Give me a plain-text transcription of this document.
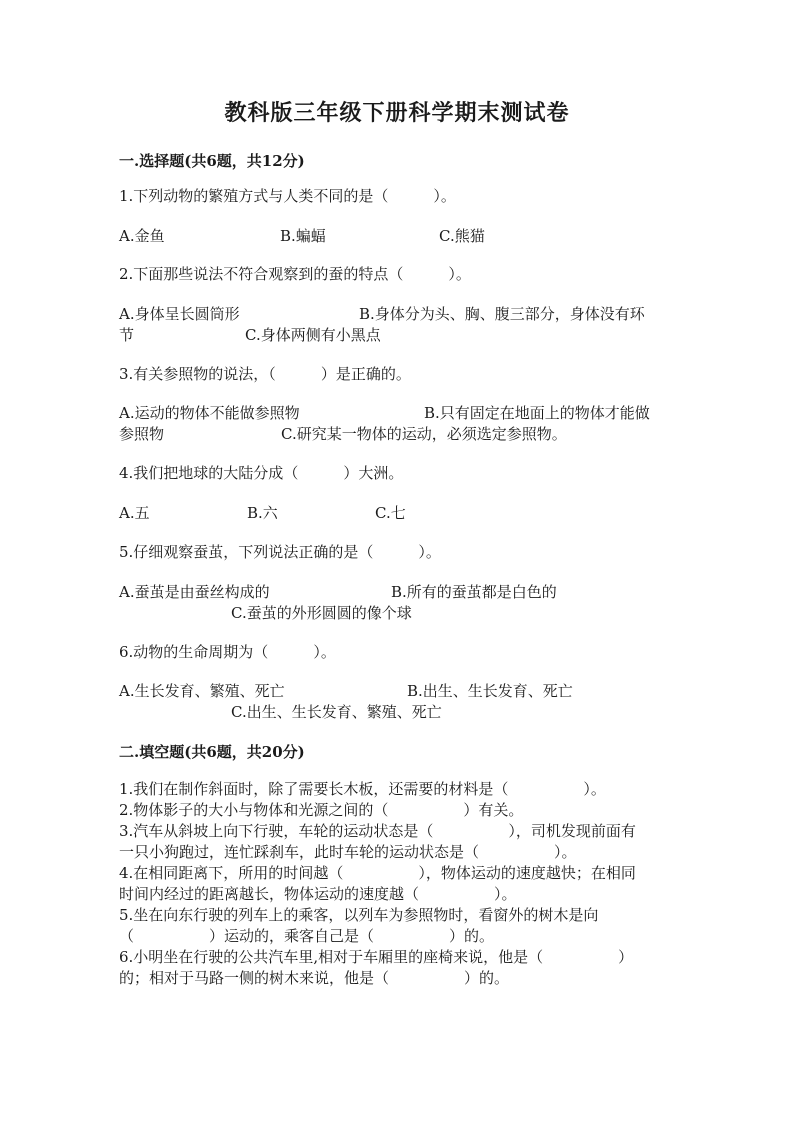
教科版三年级下册科学期末测试卷
一.选择题(共6题，共12分)
1.下列动物的繁殖方式与人类不同的是（　　　）。
A.金鱼	B.蝙蝠	C.熊猫
2.下面那些说法不符合观察到的蚕的特点（　　　）。
A.身体呈长圆筒形	B.身体分为头、胸、腹三部分，身体没有环
节	C.身体两侧有小黑点
3.有关参照物的说法，（　　　）是正确的。
A.运动的物体不能做参照物	B.只有固定在地面上的物体才能做
参照物	C.研究某一物体的运动，必须选定参照物。
4.我们把地球的大陆分成（　　　）大洲。
A.五	B.六	C.七
5.仔细观察蚕茧，下列说法正确的是（　　　）。
A.蚕茧是由蚕丝构成的	B.所有的蚕茧都是白色的
C.蚕茧的外形圆圆的像个球
6.动物的生命周期为（　　　）。
A.生长发育、繁殖、死亡	B.出生、生长发育、死亡
C.出生、生长发育、繁殖、死亡
二.填空题(共6题，共20分)
1.我们在制作斜面时，除了需要长木板，还需要的材料是（　　　　　）。
2.物体影子的大小与物体和光源之间的（　　　　　）有关。
3.汽车从斜坡上向下行驶，车轮的运动状态是（　　　　　），司机发现前面有
一只小狗跑过，连忙踩刹车，此时车轮的运动状态是（　　　　　）。
4.在相同距离下，所用的时间越（　　　　　），物体运动的速度越快；在相同
时间内经过的距离越长，物体运动的速度越（　　　　　）。
5.坐在向东行驶的列车上的乘客，以列车为参照物时，看窗外的树木是向
（　　　　　）运动的，乘客自己是（　　　　　）的。
6.小明坐在行驶的公共汽车里,相对于车厢里的座椅来说，他是（　　　　　）
的；相对于马路一侧的树木来说，他是（　　　　　）的。
